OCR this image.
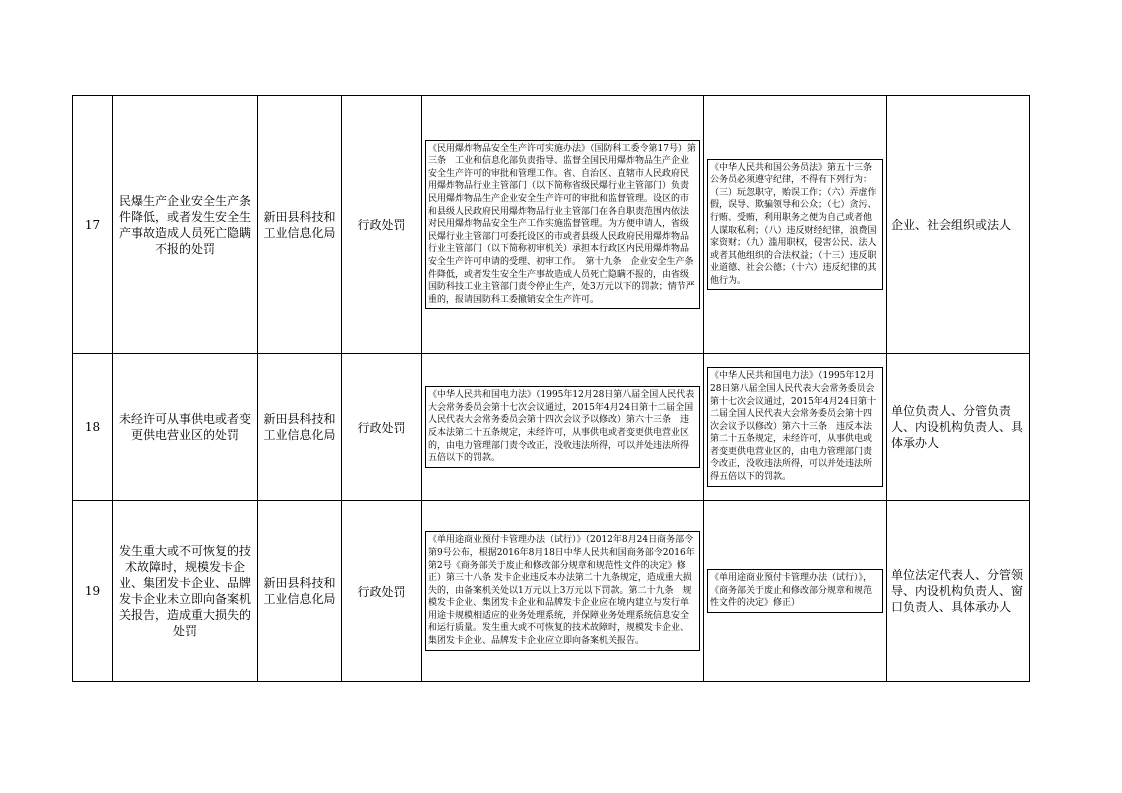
17	民爆生产企业安全生产条件降低，或者发生安全生产事故造成人员死亡隐瞒不报的处罚	新田县科技和工业信息化局	行政处罚	《民用爆炸物品安全生产许可实施办法》（国防科工委令第17号）第三条　工业和信息化部负责指导、监督全国民用爆炸物品生产企业安全生产许可的审批和管理工作。省、自治区、直辖市人民政府民用爆炸物品行业主管部门（以下简称省级民爆行业主管部门）负责民用爆炸物品生产企业安全生产许可的审批和监督管理。设区的市和县级人民政府民用爆炸物品行业主管部门在各自职责范围内依法对民用爆炸物品安全生产工作实施监督管理。为方便申请人，省级民爆行业主管部门可委托设区的市或者县级人民政府民用爆炸物品行业主管部门（以下简称初审机关）承担本行政区内民用爆炸物品安全生产许可申请的受理、初审工作。　第十九条　企业安全生产条件降低，或者发生安全生产事故造成人员死亡隐瞒不报的，由省级国防科技工业主管部门责令停止生产，处3万元以下的罚款；情节严重的，报请国防科工委撤销安全生产许可。	《中华人民共和国公务员法》第五十三条 公务员必须遵守纪律，不得有下列行为：（三）玩忽职守，贻误工作；（六）弄虚作假，误导、欺骗领导和公众；（七）贪污、行贿、受贿，利用职务之便为自己或者他人谋取私利；（八）违反财经纪律，浪费国家资财；（九）滥用职权，侵害公民、法人或者其他组织的合法权益；（十三）违反职业道德、社会公德；（十六）违反纪律的其他行为。	企业、社会组织或法人
18	未经许可从事供电或者变更供电营业区的处罚	新田县科技和工业信息化局	行政处罚	《中华人民共和国电力法》（1995年12月28日第八届全国人民代表大会常务委员会第十七次会议通过，2015年4月24日第十二届全国人民代表大会常务委员会第十四次会议予以修改）第六十三条　违反本法第二十五条规定，未经许可，从事供电或者变更供电营业区的，由电力管理部门责令改正，没收违法所得，可以并处违法所得五倍以下的罚款。	《中华人民共和国电力法》（1995年12月28日第八届全国人民代表大会常务委员会第十七次会议通过，2015年4月24日第十二届全国人民代表大会常务委员会第十四次会议予以修改）第六十三条　违反本法第二十五条规定，未经许可，从事供电或者变更供电营业区的，由电力管理部门责令改正，没收违法所得，可以并处违法所得五倍以下的罚款。	单位负责人、分管负责人、内设机构负责人、具体承办人
19	发生重大或不可恢复的技术故障时，规模发卡企业、集团发卡企业、品牌发卡企业未立即向备案机关报告，造成重大损失的处罚	新田县科技和工业信息化局	行政处罚	《单用途商业预付卡管理办法（试行）》（2012年8月24日商务部令第9号公布，根据2016年8月18日中华人民共和国商务部令2016年第2号《商务部关于废止和修改部分规章和规范性文件的决定》修正）第三十八条 发卡企业违反本办法第二十九条规定，造成重大损失的，由备案机关处以1万元以上3万元以下罚款。第二十九条　规模发卡企业、集团发卡企业和品牌发卡企业应在境内建立与发行单用途卡规模相适应的业务处理系统，并保障业务处理系统信息安全和运行质量。发生重大或不可恢复的技术故障时，规模发卡企业、集团发卡企业、品牌发卡企业应立即向备案机关报告。	《单用途商业预付卡管理办法（试行）》，《商务部关于废止和修改部分规章和规范性文件的决定》修正）	单位法定代表人、分管领导、内设机构负责人、窗口负责人、具体承办人
